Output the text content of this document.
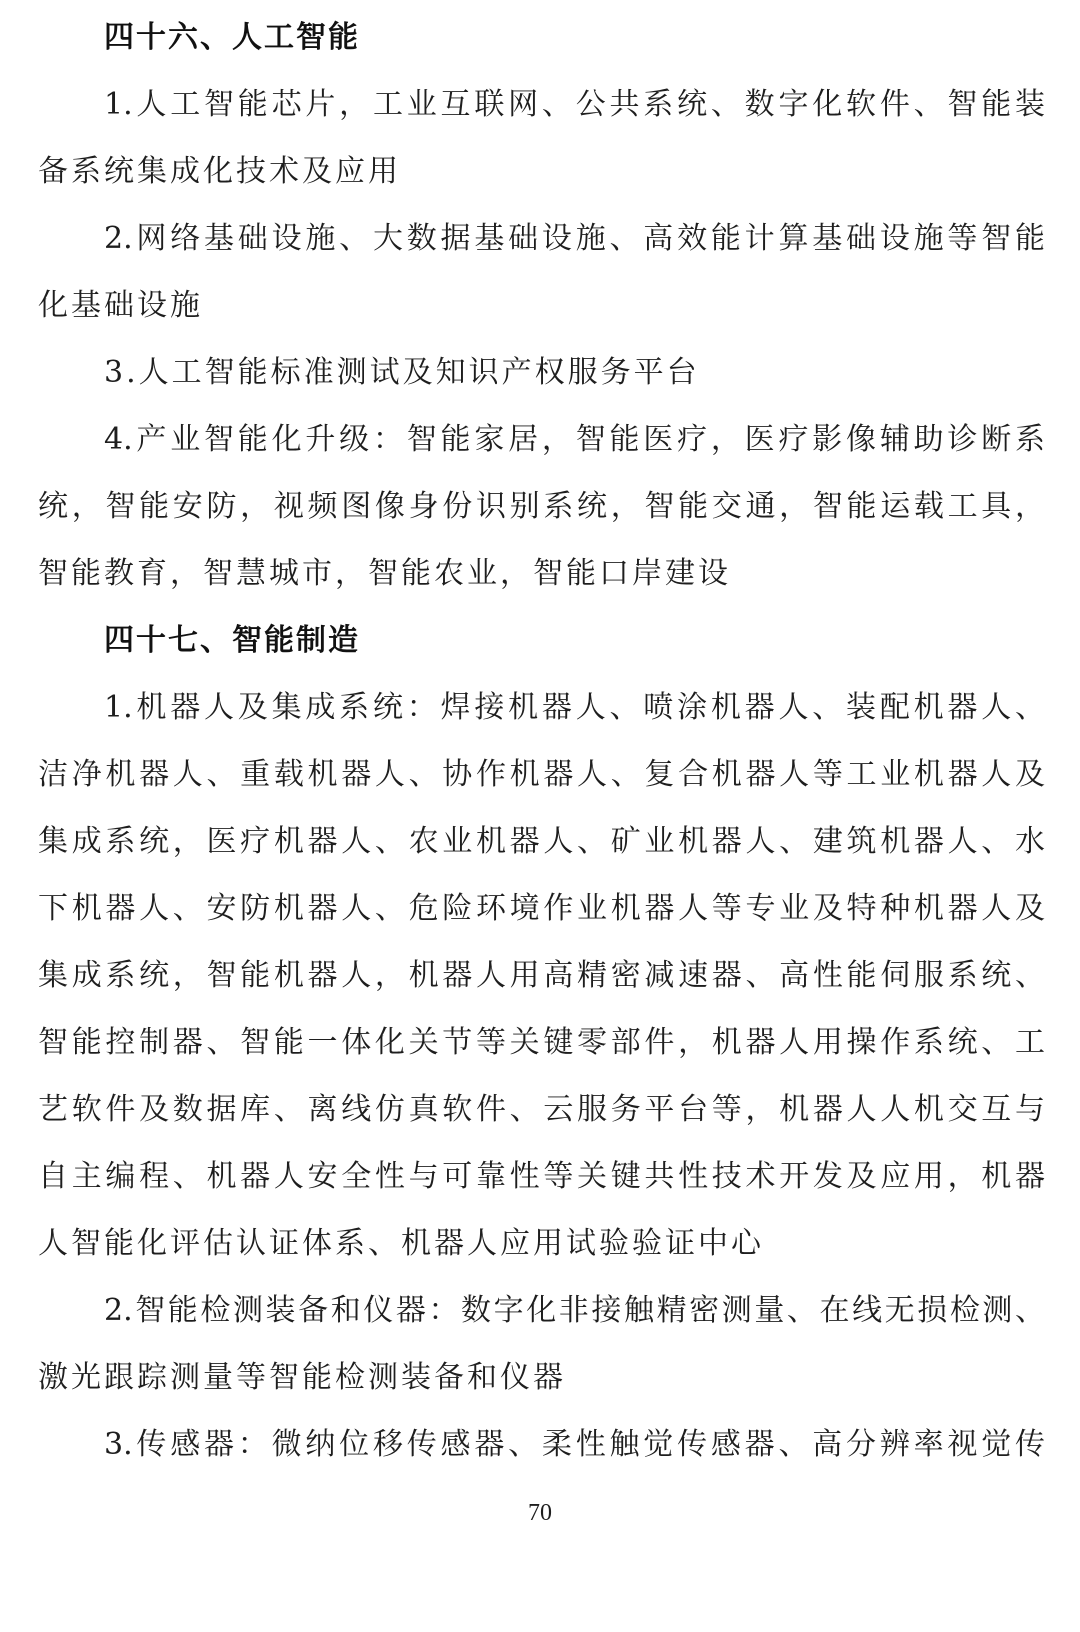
四十六、人工智能
1.人工智能芯片，工业互联网、公共系统、数字化软件、智能装
备系统集成化技术及应用
2.网络基础设施、大数据基础设施、高效能计算基础设施等智能
化基础设施
3.人工智能标准测试及知识产权服务平台
4.产业智能化升级：智能家居，智能医疗，医疗影像辅助诊断系
统，智能安防，视频图像身份识别系统，智能交通，智能运载工具，
智能教育，智慧城市，智能农业，智能口岸建设
四十七、智能制造
1.机器人及集成系统：焊接机器人、喷涂机器人、装配机器人、
洁净机器人、重载机器人、协作机器人、复合机器人等工业机器人及
集成系统，医疗机器人、农业机器人、矿业机器人、建筑机器人、水
下机器人、安防机器人、危险环境作业机器人等专业及特种机器人及
集成系统，智能机器人，机器人用高精密减速器、高性能伺服系统、
智能控制器、智能一体化关节等关键零部件，机器人用操作系统、工
艺软件及数据库、离线仿真软件、云服务平台等，机器人人机交互与
自主编程、机器人安全性与可靠性等关键共性技术开发及应用，机器
人智能化评估认证体系、机器人应用试验验证中心
2.智能检测装备和仪器：数字化非接触精密测量、在线无损检测、
激光跟踪测量等智能检测装备和仪器
3.传感器：微纳位移传感器、柔性触觉传感器、高分辨率视觉传
70
